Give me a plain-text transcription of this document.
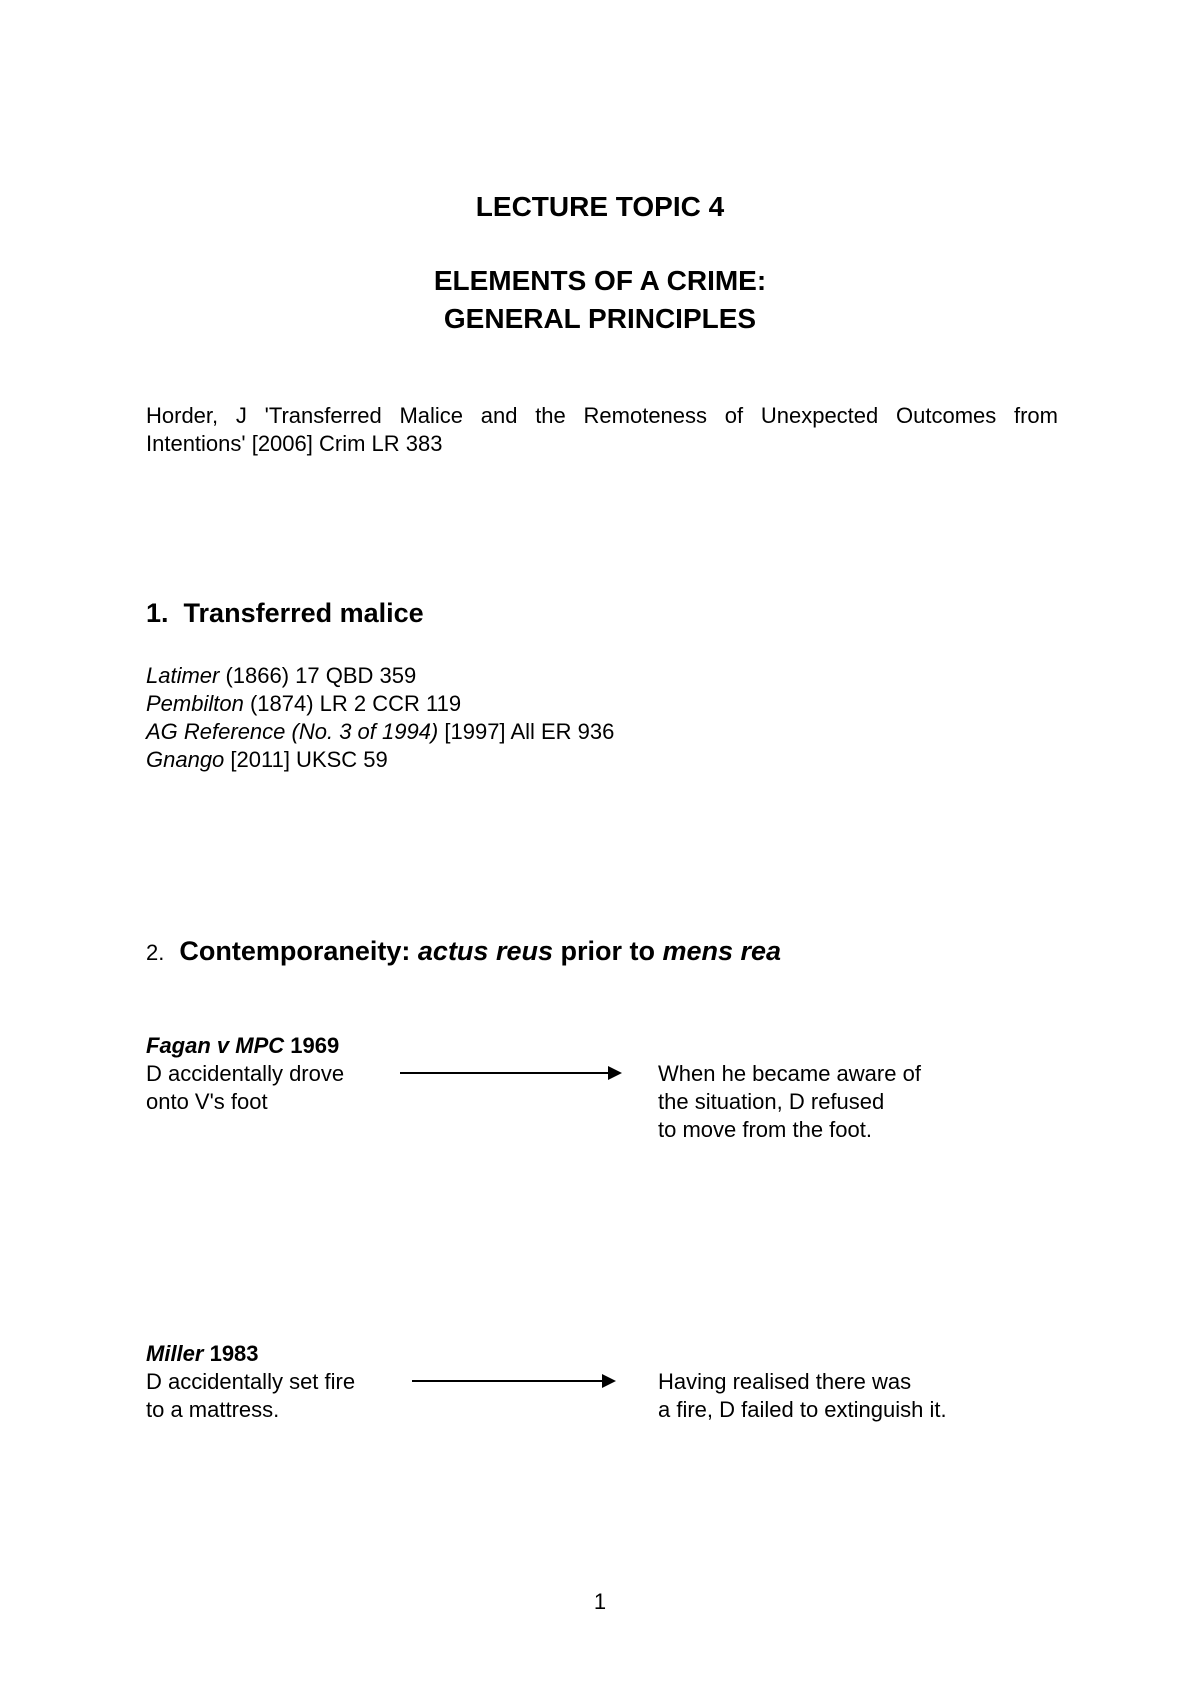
LECTURE TOPIC 4
ELEMENTS OF A CRIME:
GENERAL PRINCIPLES
Horder, J 'Transferred Malice and the Remoteness of Unexpected Outcomes from
Intentions' [2006] Crim LR 383
1. Transferred malice
Latimer (1866) 17 QBD 359
Pembilton (1874) LR 2 CCR 119
AG Reference (No. 3 of 1994) [1997] All ER 936
Gnango [2011] UKSC 59
2. Contemporaneity: actus reus prior to mens rea
Fagan v MPC 1969
D accidentally drove
onto V's foot
When he became aware of
the situation, D refused
to move from the foot.
Miller 1983
D accidentally set fire
to a mattress.
Having realised there was
a fire, D failed to extinguish it.
1
